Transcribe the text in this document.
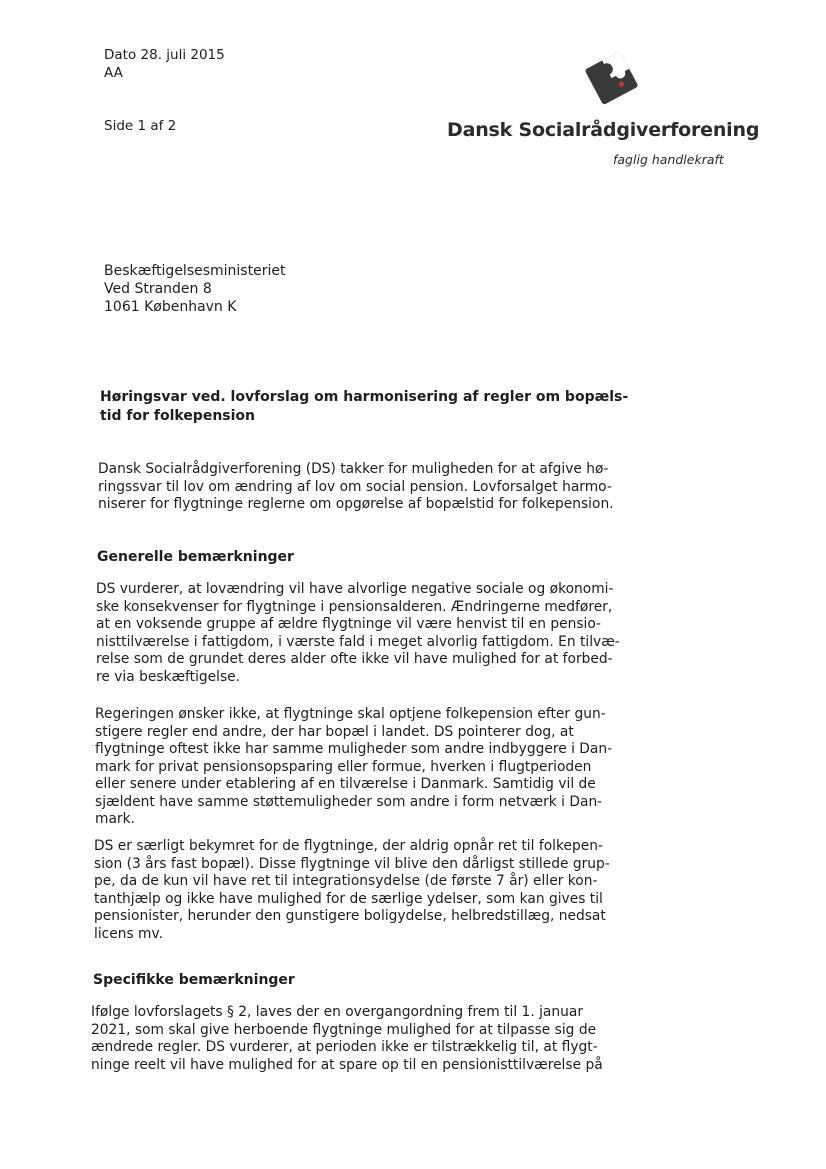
Dato 28. juli 2015
AA
Side 1 af 2	Dansk Socialrådgiverforening
faglig handlekraft
Beskæftigelsesministeriet
Ved Stranden 8
1061 København K
Høringsvar ved. lovforslag om harmonisering af regler om bopæls-
tid for folkepension
Dansk Socialrådgiverforening (DS) takker for muligheden for at afgive hø-
ringssvar til lov om ændring af lov om social pension. Lovforsalget harmo-
niserer for flygtninge reglerne om opgørelse af bopælstid for folkepension.
Generelle bemærkninger
DS vurderer, at lovændring vil have alvorlige negative sociale og økonomi-
ske konsekvenser for flygtninge i pensionsalderen. Ændringerne medfører,
at en voksende gruppe af ældre flygtninge vil være henvist til en pensio-
nisttilværelse i fattigdom, i værste fald i meget alvorlig fattigdom. En tilvæ-
relse som de grundet deres alder ofte ikke vil have mulighed for at forbed-
re via beskæftigelse.
Regeringen ønsker ikke, at flygtninge skal optjene folkepension efter gun-
stigere regler end andre, der har bopæl i landet. DS pointerer dog, at
flygtninge oftest ikke har samme muligheder som andre indbyggere i Dan-
mark for privat pensionsopsparing eller formue, hverken i flugtperioden
eller senere under etablering af en tilværelse i Danmark. Samtidig vil de
sjældent have samme støttemuligheder som andre i form netværk i Dan-
mark.
DS er særligt bekymret for de flygtninge, der aldrig opnår ret til folkepen-
sion (3 års fast bopæl). Disse flygtninge vil blive den dårligst stillede grup-
pe, da de kun vil have ret til integrationsydelse (de første 7 år) eller kon-
tanthjælp og ikke have mulighed for de særlige ydelser, som kan gives til
pensionister, herunder den gunstigere boligydelse, helbredstillæg, nedsat
licens mv.
Specifikke bemærkninger
Ifølge lovforslagets § 2, laves der en overgangordning frem til 1. januar
2021, som skal give herboende flygtninge mulighed for at tilpasse sig de
ændrede regler. DS vurderer, at perioden ikke er tilstrækkelig til, at flygt-
ninge reelt vil have mulighed for at spare op til en pensionisttilværelse på
